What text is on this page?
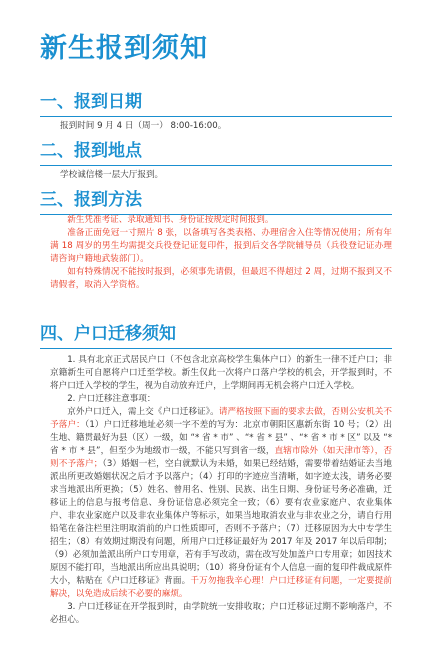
新生报到须知
一、报到日期
报到时间 9 月 4 日（周一） 8:00-16:00。
二、报到地点
学校诚信楼一层大厅报到。
三、报到方法
新生凭准考证、录取通知书、身份证按规定时间报到。
准备正面免冠一寸照片 8 张，以备填写各类表格、办理宿舍入住等情况使用；所有年满 18 周岁的男生均需提交兵役登记证复印件，报到后交各学院辅导员（兵役登记证办理请咨询户籍地武装部门）。
如有特殊情况不能按时报到，必须事先请假，但最迟不得超过 2 周，过期不报到又不请假者，取消入学资格。
四、户口迁移须知
1. 具有北京正式居民户口（不包含北京高校学生集体户口）的新生一律不迁户口；非京籍新生可自愿将户口迁至学校。新生仅此一次将户口落户学校的机会，开学报到时，不将户口迁入学校的学生，视为自动放弃迁户，上学期间再无机会将户口迁入学校。
2. 户口迁移注意事项：
京外户口迁入，需上交《户口迁移证》。请严格按照下面的要求去做，否则公安机关不予落户：（1）户口迁移地址必须一字不差的写为：北京市朝阳区惠新东街 10 号；（2）出生地、籍贯最好为县（区）一级，如 “* 省 * 市” 、“* 省 * 县” 、“* 省 * 市 * 区” 以及 “* 省 * 市 * 县”，但至少为地级市一级，不能只写到省一级，直辖市除外（如天津市等），否则不予落户；（3）婚姻一栏，空白就默认为未婚，如果已经结婚，需要带着结婚证去当地派出所更改婚姻状况之后才予以落户；（4）打印的字迹应当清晰，如字迹太浅，请务必要求当地派出所更换；（5）姓名、曾用名、性别、民族、出生日期、身份证号务必准确，迁移证上的信息与报考信息、身份证信息必须完全一致；（6）要有农业家庭户、农业集体户、非农业家庭户以及非农业集体户等标示，如果当地取消农业与非农业之分，请自行用铅笔在备注栏里注明取消前的户口性质即可，否则不予落户；（7）迁移原因为大中专学生招生；（8）有效期过期没有问题，所用户口迁移证最好为 2017 年及 2017 年以后印制；（9）必须加盖派出所户口专用章，若有手写改动，需在改写处加盖户口专用章；如因技术原因不能打印，当地派出所应出具说明；（10）将身份证有个人信息一面的复印件裁成原件大小，粘贴在《户口迁移证》背面。千万勿拖我辛心理！户口迁移证有问题，一定要提前解决，以免造成后续不必要的麻烦。
3. 户口迁移证在开学报到时，由学院统一安排收取；户口迁移证过期不影响落户，不必担心。
